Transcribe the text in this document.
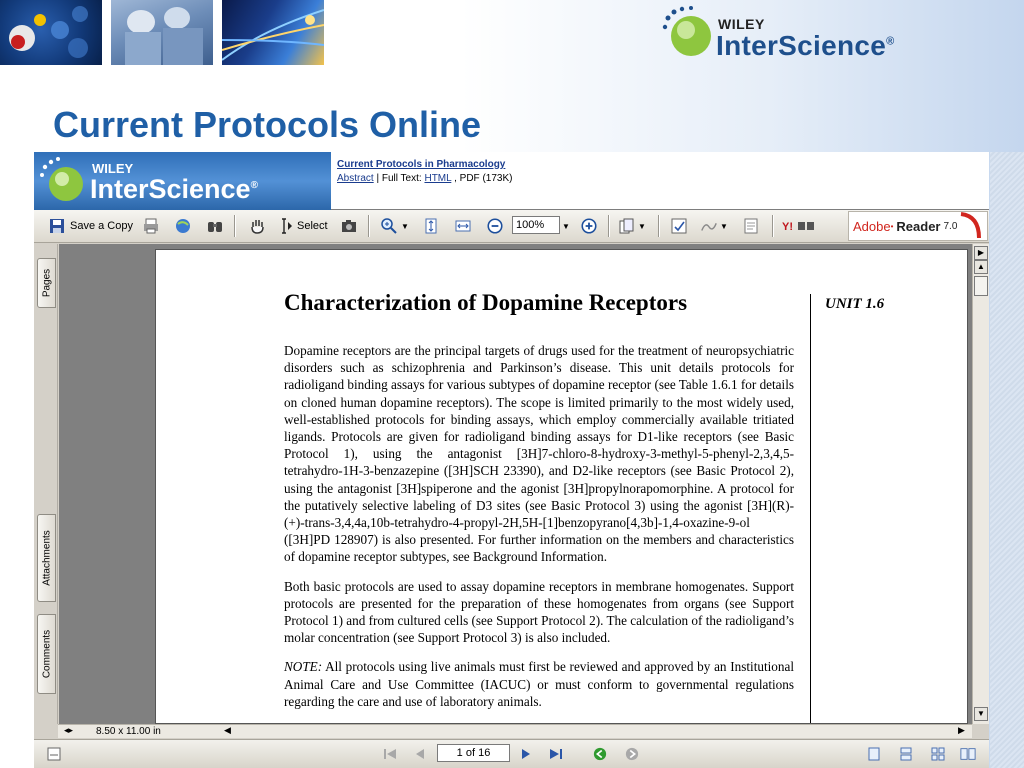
WILEY
InterScience®
Current Protocols Online
WILEY
InterScience®
Current Protocols in Pharmacology
Abstract | Full Text: HTML , PDF (173K)
Save a Copy	Select	▼	100%	▼	▼	▼	Y!	Adobe • Reader 7.0
Pages
Attachments
Comments
Characterization of Dopamine Receptors	UNIT 1.6

Dopamine receptors are the principal targets of drugs used for the treatment of neuropsychiatric disorders such as schizophrenia and Parkinson’s disease. This unit details protocols for radioligand binding assays for various subtypes of dopamine receptor (see Table 1.6.1 for details on cloned human dopamine receptors). The scope is limited primarily to the most widely used, well-established protocols for binding assays, which employ commercially available tritiated ligands. Protocols are given for radioligand binding assays for D1-like receptors (see Basic Protocol 1), using the antagonist [3H]7-chloro-8-hydroxy-3-methyl-5-phenyl-2,3,4,5-tetrahydro-1H-3-benzazepine ([3H]SCH 23390), and D2-like receptors (see Basic Protocol 2), using the antagonist [3H]spiperone and the agonist [3H]propylnorapomorphine. A protocol for the putatively selective labeling of D3 sites (see Basic Protocol 3) using the agonist [3H](R)-(+)-trans-3,4,4a,10b-tetrahydro-4-propyl-2H,5H-[1]benzopyrano[4,3b]-1,4-oxazine-9-ol ([3H]PD 128907) is also presented. For further information on the members and characteristics of dopamine receptor subtypes, see Background Information.

Both basic protocols are used to assay dopamine receptors in membrane homogenates. Support protocols are presented for the preparation of these homogenates from organs (see Support Protocol 1) and from cultured cells (see Support Protocol 2). The calculation of the radioligand’s molar concentration (see Support Protocol 3) is also included.

NOTE: All protocols using live animals must first be reviewed and approved by an Institutional Animal Care and Use Committee (IACUC) or must conform to governmental regulations regarding the care and use of laboratory animals.

▶
▲
▼
◂▸ 8.50 x 11.00 in	◀	▶
1 of 16
